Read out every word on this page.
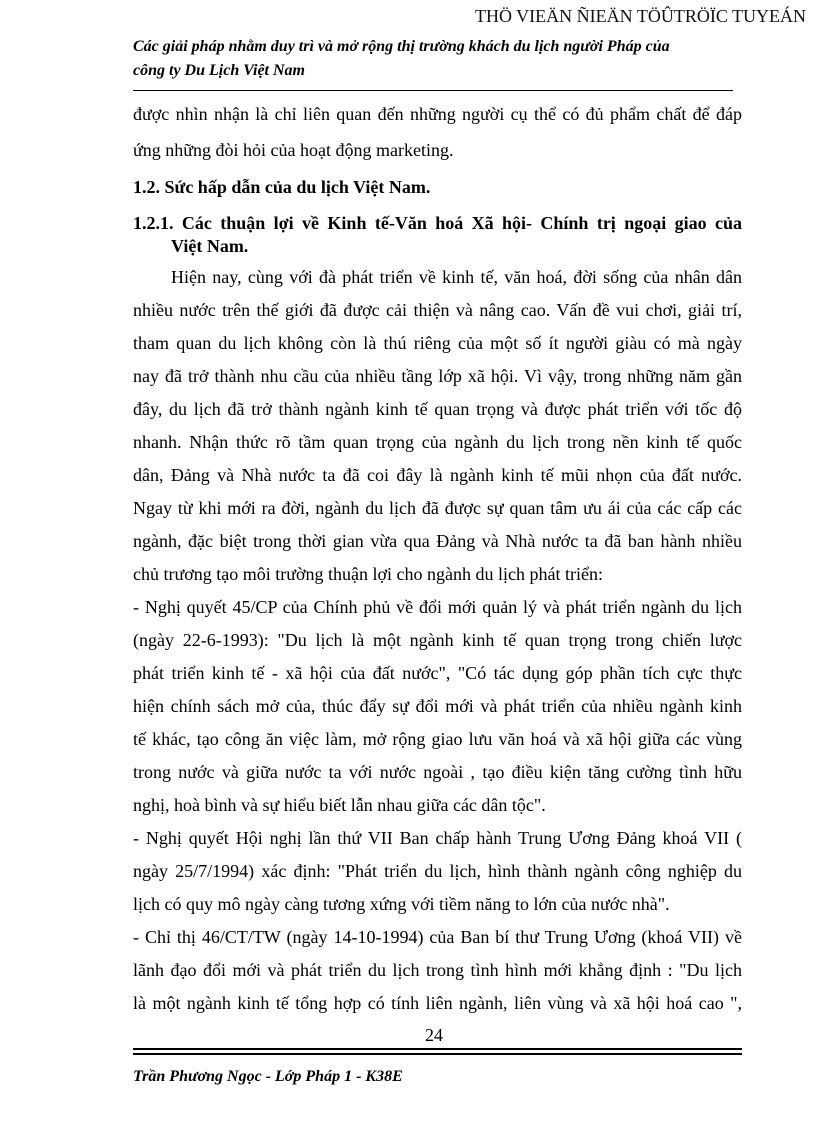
THÖ VIEÄN ÑIEÄN TÖÛTRÖÏC TUYEÁN
Các giải pháp nhằm duy trì và mở rộng thị trường khách du lịch người Pháp của
công ty Du Lịch Việt Nam
được nhìn nhận là chỉ liên quan đến những người cụ thể có đủ phẩm chất để đáp
ứng những đòi hỏi của hoạt động marketing.
1.2. Sức hấp dẫn của du lịch Việt Nam.
1.2.1. Các thuận lợi về Kinh tế-Văn hoá Xã hội- Chính trị ngoại giao của
Việt Nam.
Hiện nay, cùng với đà phát triển về kinh tế, văn hoá, đời sống của nhân dân
nhiều nước trên thế giới đã được cải thiện và nâng cao. Vấn đề vui chơi, giải trí,
tham quan du lịch không còn là thú riêng của một số ít người giàu có mà ngày
nay đã trở thành nhu cầu của nhiều tầng lớp xã hội. Vì vậy, trong những năm gần
đây, du lịch đã trở thành ngành kinh tế quan trọng và được phát triển với tốc độ
nhanh. Nhận thức rõ tầm quan trọng của ngành du lịch trong nền kinh tế quốc
dân, Đảng và Nhà nước ta đã coi đây là ngành kinh tế mũi nhọn của đất nước.
Ngay từ khi mới ra đời, ngành du lịch đã được sự quan tâm ưu ái của các cấp các
ngành, đặc biệt trong thời gian vừa qua Đảng và Nhà nước ta đã ban hành nhiều
chủ trương tạo môi trường thuận lợi cho ngành du lịch phát triển:
- Nghị quyết 45/CP của Chính phủ về đổi mới quản lý và phát triển ngành du lịch
(ngày 22-6-1993): "Du lịch là một ngành kinh tế quan trọng trong chiến lược
phát triển kinh tế - xã hội của đất nước", "Có tác dụng góp phần tích cực thực
hiện chính sách mở của, thúc đẩy sự đổi mới và phát triển của nhiều ngành kinh
tế khác, tạo công ăn việc làm, mở rộng giao lưu văn hoá và xã hội giữa các vùng
trong nước và giữa nước ta với nước ngoài , tạo điều kiện tăng cường tình hữu
nghị, hoà bình và sự hiểu biết lẫn nhau giữa các dân tộc".
- Nghị quyết Hội nghị lần thứ VII Ban chấp hành Trung Ương Đảng khoá VII (
ngày 25/7/1994) xác định: "Phát triển du lịch, hình thành ngành công nghiệp du
lịch có quy mô ngày càng tương xứng với tiềm năng to lớn của nước nhà".
- Chỉ thị 46/CT/TW (ngày 14-10-1994) của Ban bí thư Trung Ương (khoá VII) về
lãnh đạo đổi mới và phát triển du lịch trong tình hình mới khẳng định : "Du lịch
là một ngành kinh tế tổng hợp có tính liên ngành, liên vùng và xã hội hoá cao ",
24
Trần Phương Ngọc - Lớp Pháp 1 - K38E
